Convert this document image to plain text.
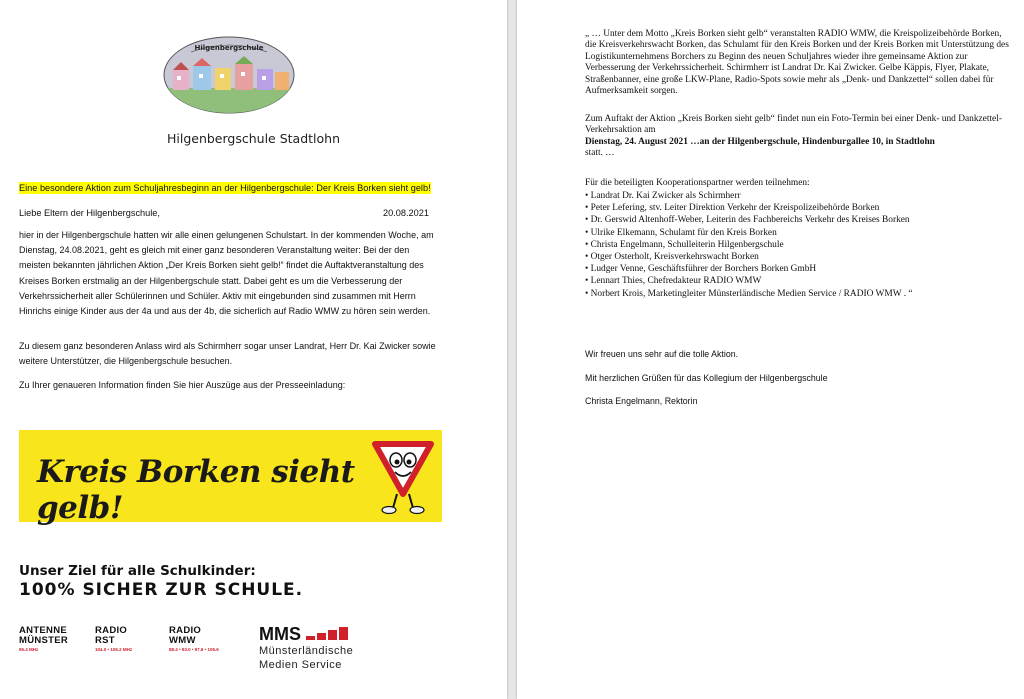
Hilgenbergschule
Hilgenbergschule Stadtlohn
Eine besondere Aktion zum Schuljahresbeginn an der Hilgenbergschule: Der Kreis Borken sieht gelb!
Liebe Eltern der Hilgenbergschule,	20.08.2021
hier in der Hilgenbergschule hatten wir alle einen gelungenen Schulstart. In der kommenden Woche, am Dienstag, 24.08.2021, geht es gleich mit einer ganz besonderen Veranstaltung weiter: Bei der den meisten bekannten jährlichen Aktion „Der Kreis Borken sieht gelb!“ findet die Auftaktveranstaltung des Kreises Borken erstmalig an der Hilgenbergschule statt. Dabei geht es um die Verbesserung der Verkehrssicherheit aller Schülerinnen und Schüler. Aktiv mit eingebunden sind zusammen mit Herrn Hinrichs einige Kinder aus der 4a und aus der 4b, die sicherlich auf Radio WMW zu hören sein werden.
Zu diesem ganz besonderen Anlass wird als Schirmherr sogar unser Landrat, Herr Dr. Kai Zwicker sowie weitere Unterstützer, die Hilgenbergschule besuchen.
Zu Ihrer genaueren Information finden Sie hier Auszüge aus der Presseeinladung:
Kreis Borken sieht gelb!
Unser Ziel für alle Schulkinder:
100% SICHER ZUR SCHULE.
ANTENNE
MÜNSTER
95.4 MHz
RADIO
RST
104.0 • 105.2 MHz
RADIO
WMW
88.4 • 93.0 • 97.6 • 105.6
MMS
Münsterländische
Medien Service
„ … Unter dem Motto „Kreis Borken sieht gelb“ veranstalten RADIO WMW, die Kreispolizeibehörde Borken, die Kreisverkehrswacht Borken, das Schulamt für den Kreis Borken und der Kreis Borken mit Unterstützung des Logistikunternehmens Borchers zu Beginn des neuen Schuljahres wieder ihre gemeinsame Aktion zur Verbesserung der Verkehrssicherheit. Schirmherr ist Landrat Dr. Kai Zwicker. Gelbe Käppis, Flyer, Plakate, Straßenbanner, eine große LKW-Plane, Radio-Spots sowie mehr als „Denk- und Dankzettel“ sollen dabei für Aufmerksamkeit sorgen.
Zum Auftakt der Aktion „Kreis Borken sieht gelb“ findet nun ein Foto-Termin bei einer Denk- und Dankzettel-Verkehrsaktion am
Dienstag, 24. August 2021 …an der Hilgenbergschule, Hindenburgallee 10, in Stadtlohn
statt. …
Für die beteiligten Kooperationspartner werden teilnehmen:
• Landrat Dr. Kai Zwicker als Schirmherr
• Peter Lefering, stv. Leiter Direktion Verkehr der Kreispolizeibehörde Borken
• Dr. Gerswid Altenhoff-Weber, Leiterin des Fachbereichs Verkehr des Kreises Borken
• Ulrike Elkemann, Schulamt für den Kreis Borken
• Christa Engelmann, Schulleiterin Hilgenbergschule
• Otger Osterholt, Kreisverkehrswacht Borken
• Ludger Venne, Geschäftsführer der Borchers Borken GmbH
• Lennart Thies, Chefredakteur RADIO WMW
• Norbert Krois, Marketingleiter Münsterländische Medien Service / RADIO WMW . “
Wir freuen uns sehr auf die tolle Aktion.
Mit herzlichen Grüßen für das Kollegium der Hilgenbergschule
Christa Engelmann, Rektorin
